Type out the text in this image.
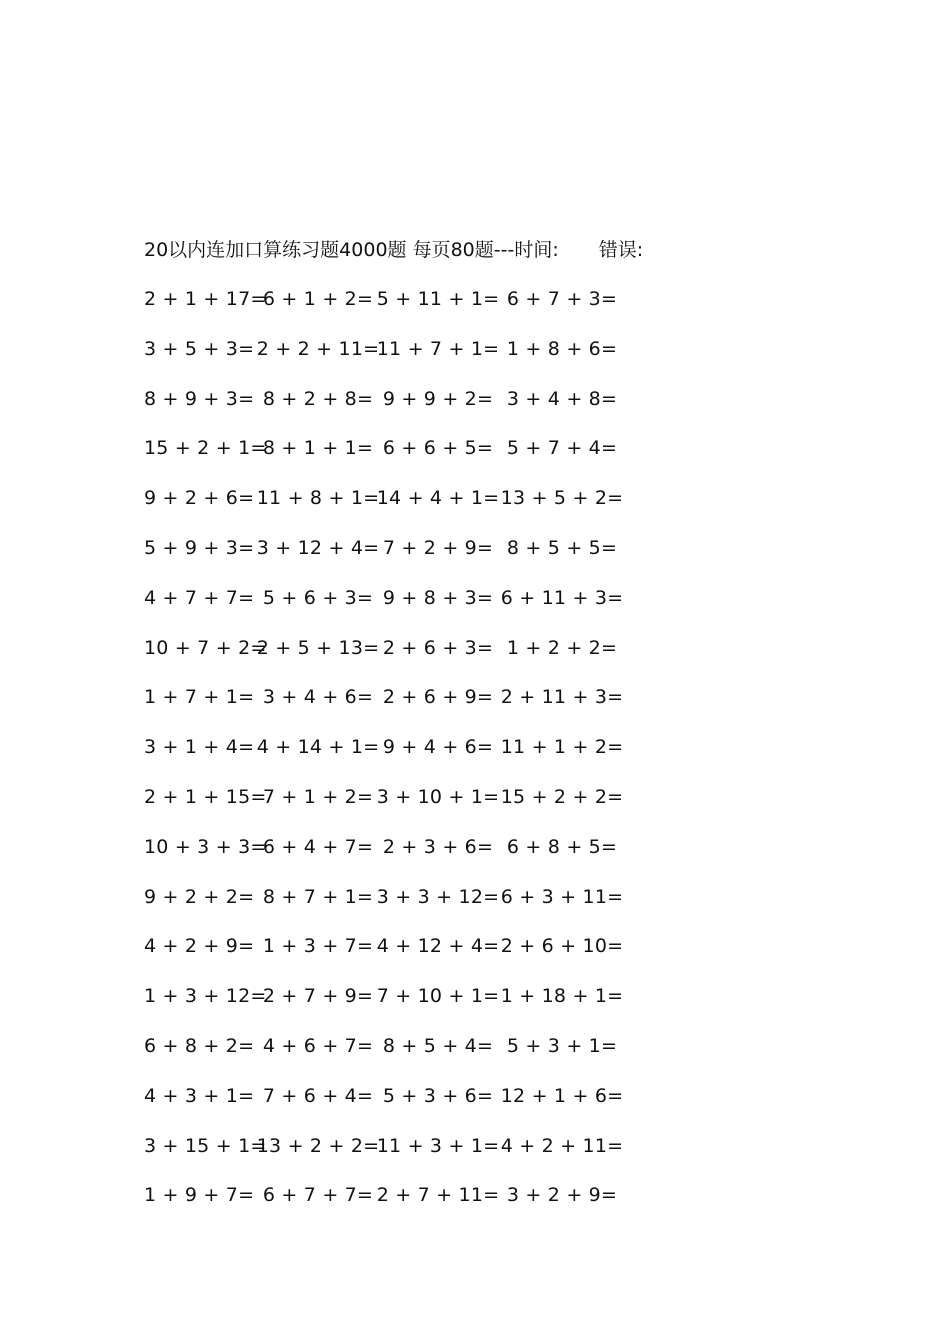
20以内连加口算练习题4000题 每页80题---时间: 错误:
2 + 1 + 17=
6 + 1 + 2= 5 + 11 + 1= 6 + 7 + 3=
3 + 5 + 3= 2 + 2 + 11=
11 + 7 + 1= 1 + 8 + 6=
8 + 9 + 3= 8 + 2 + 8= 9 + 9 + 2= 3 + 4 + 8=
15 + 2 + 1=
8 + 1 + 1= 6 + 6 + 5= 5 + 7 + 4=
9 + 2 + 6= 11 + 8 + 1=
14 + 4 + 1= 13 + 5 + 2=
5 + 9 + 3= 3 + 12 + 4= 7 + 2 + 9= 8 + 5 + 5=
4 + 7 + 7= 5 + 6 + 3= 9 + 8 + 3= 6 + 11 + 3=
10 + 7 + 2=
2 + 5 + 13= 2 + 6 + 3= 1 + 2 + 2=
1 + 7 + 1= 3 + 4 + 6= 2 + 6 + 9= 2 + 11 + 3=
3 + 1 + 4= 4 + 14 + 1= 9 + 4 + 6= 11 + 1 + 2=
2 + 1 + 15=
7 + 1 + 2= 3 + 10 + 1= 15 + 2 + 2=
10 + 3 + 3=
6 + 4 + 7= 2 + 3 + 6= 6 + 8 + 5=
9 + 2 + 2= 8 + 7 + 1= 3 + 3 + 12= 6 + 3 + 11=
4 + 2 + 9= 1 + 3 + 7= 4 + 12 + 4= 2 + 6 + 10=
1 + 3 + 12=
2 + 7 + 9= 7 + 10 + 1= 1 + 18 + 1=
6 + 8 + 2= 4 + 6 + 7= 8 + 5 + 4= 5 + 3 + 1=
4 + 3 + 1= 7 + 6 + 4= 5 + 3 + 6= 12 + 1 + 6=
3 + 15 + 1=
13 + 2 + 2=
11 + 3 + 1= 4 + 2 + 11=
1 + 9 + 7= 6 + 7 + 7= 2 + 7 + 11= 3 + 2 + 9=
